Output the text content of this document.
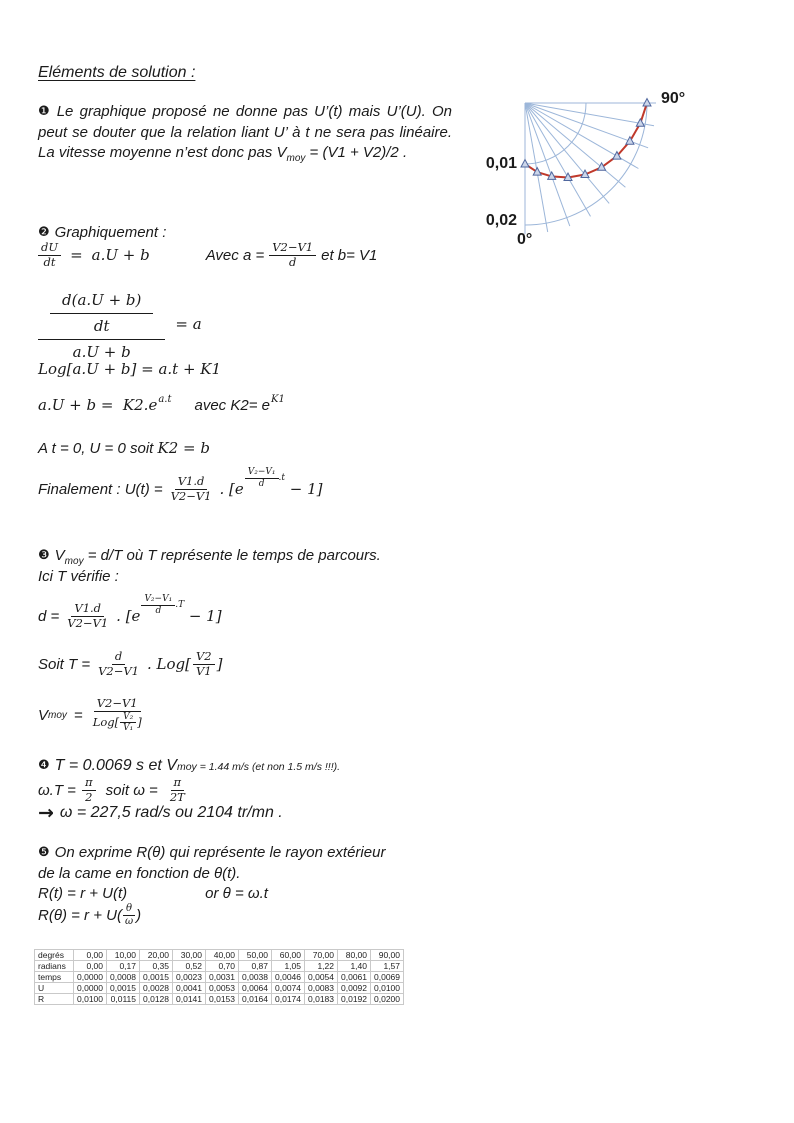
Eléments de solution :
❶ Le graphique proposé ne donne pas U’(t) mais U’(U). On peut se douter que la relation liant U’ à t ne sera pas linéaire. La vitesse moyenne n’est donc pas $V_{moy} = (V1 + V2)/2$ .
90°
0,01
0,02
0°
❷ Graphiquement :
$\frac{dU}{dt} = a.U + b$	Avec $a = \frac{V2-V1}{d}$ et b= V1
d(a.U + b)
dt
a.U + b = a
Log[a.U + b] = a.t + K1
a.U + b =  K2.e a.t avec K2= e K1
A t = 0, U = 0 soit K2 = b
Finalement : $U(t) = \frac{V1.d}{V2-V1}$ . [e
V₂−V₁
d
.t
− 1]
❸ $V_{moy} = d/T$ où T représente le temps de parcours.
Ici T vérifie :
$d = \frac{V1.d}{V2-V1}$ . [e
V₂−V₁
d
.T
− 1]
Soit $T = \frac{d}{V2-V1}$ . Log[ V2
V1 ]
V moy =
V2−V1
Log[ V₂
V₁ ]
❹ T = 0.0069 s et Vmoy = 1.44 m/s (et non 1.5 m/s !!!).
$\omega.T = \frac{\pi}{2}$ soit $\omega = \frac{\pi}{2T}$
→ ω = 227,5 rad/s ou 2104 tr/mn .
❺ On exprime R(θ) qui représente le rayon extérieur
de la came en fonction de θ(t).
R(t) = r + U(t)	or θ = ω.t
R(θ) = r + U( θ
ω )
degrés	0,00	10,00	20,00	30,00	40,00	50,00	60,00	70,00	80,00	90,00
radians	0,00	0,17	0,35	0,52	0,70	0,87	1,05	1,22	1,40	1,57
temps	0,0000	0,0008	0,0015	0,0023	0,0031	0,0038	0,0046	0,0054	0,0061	0,0069
U	0,0000	0,0015	0,0028	0,0041	0,0053	0,0064	0,0074	0,0083	0,0092	0,0100
R	0,0100	0,0115	0,0128	0,0141	0,0153	0,0164	0,0174	0,0183	0,0192	0,0200
